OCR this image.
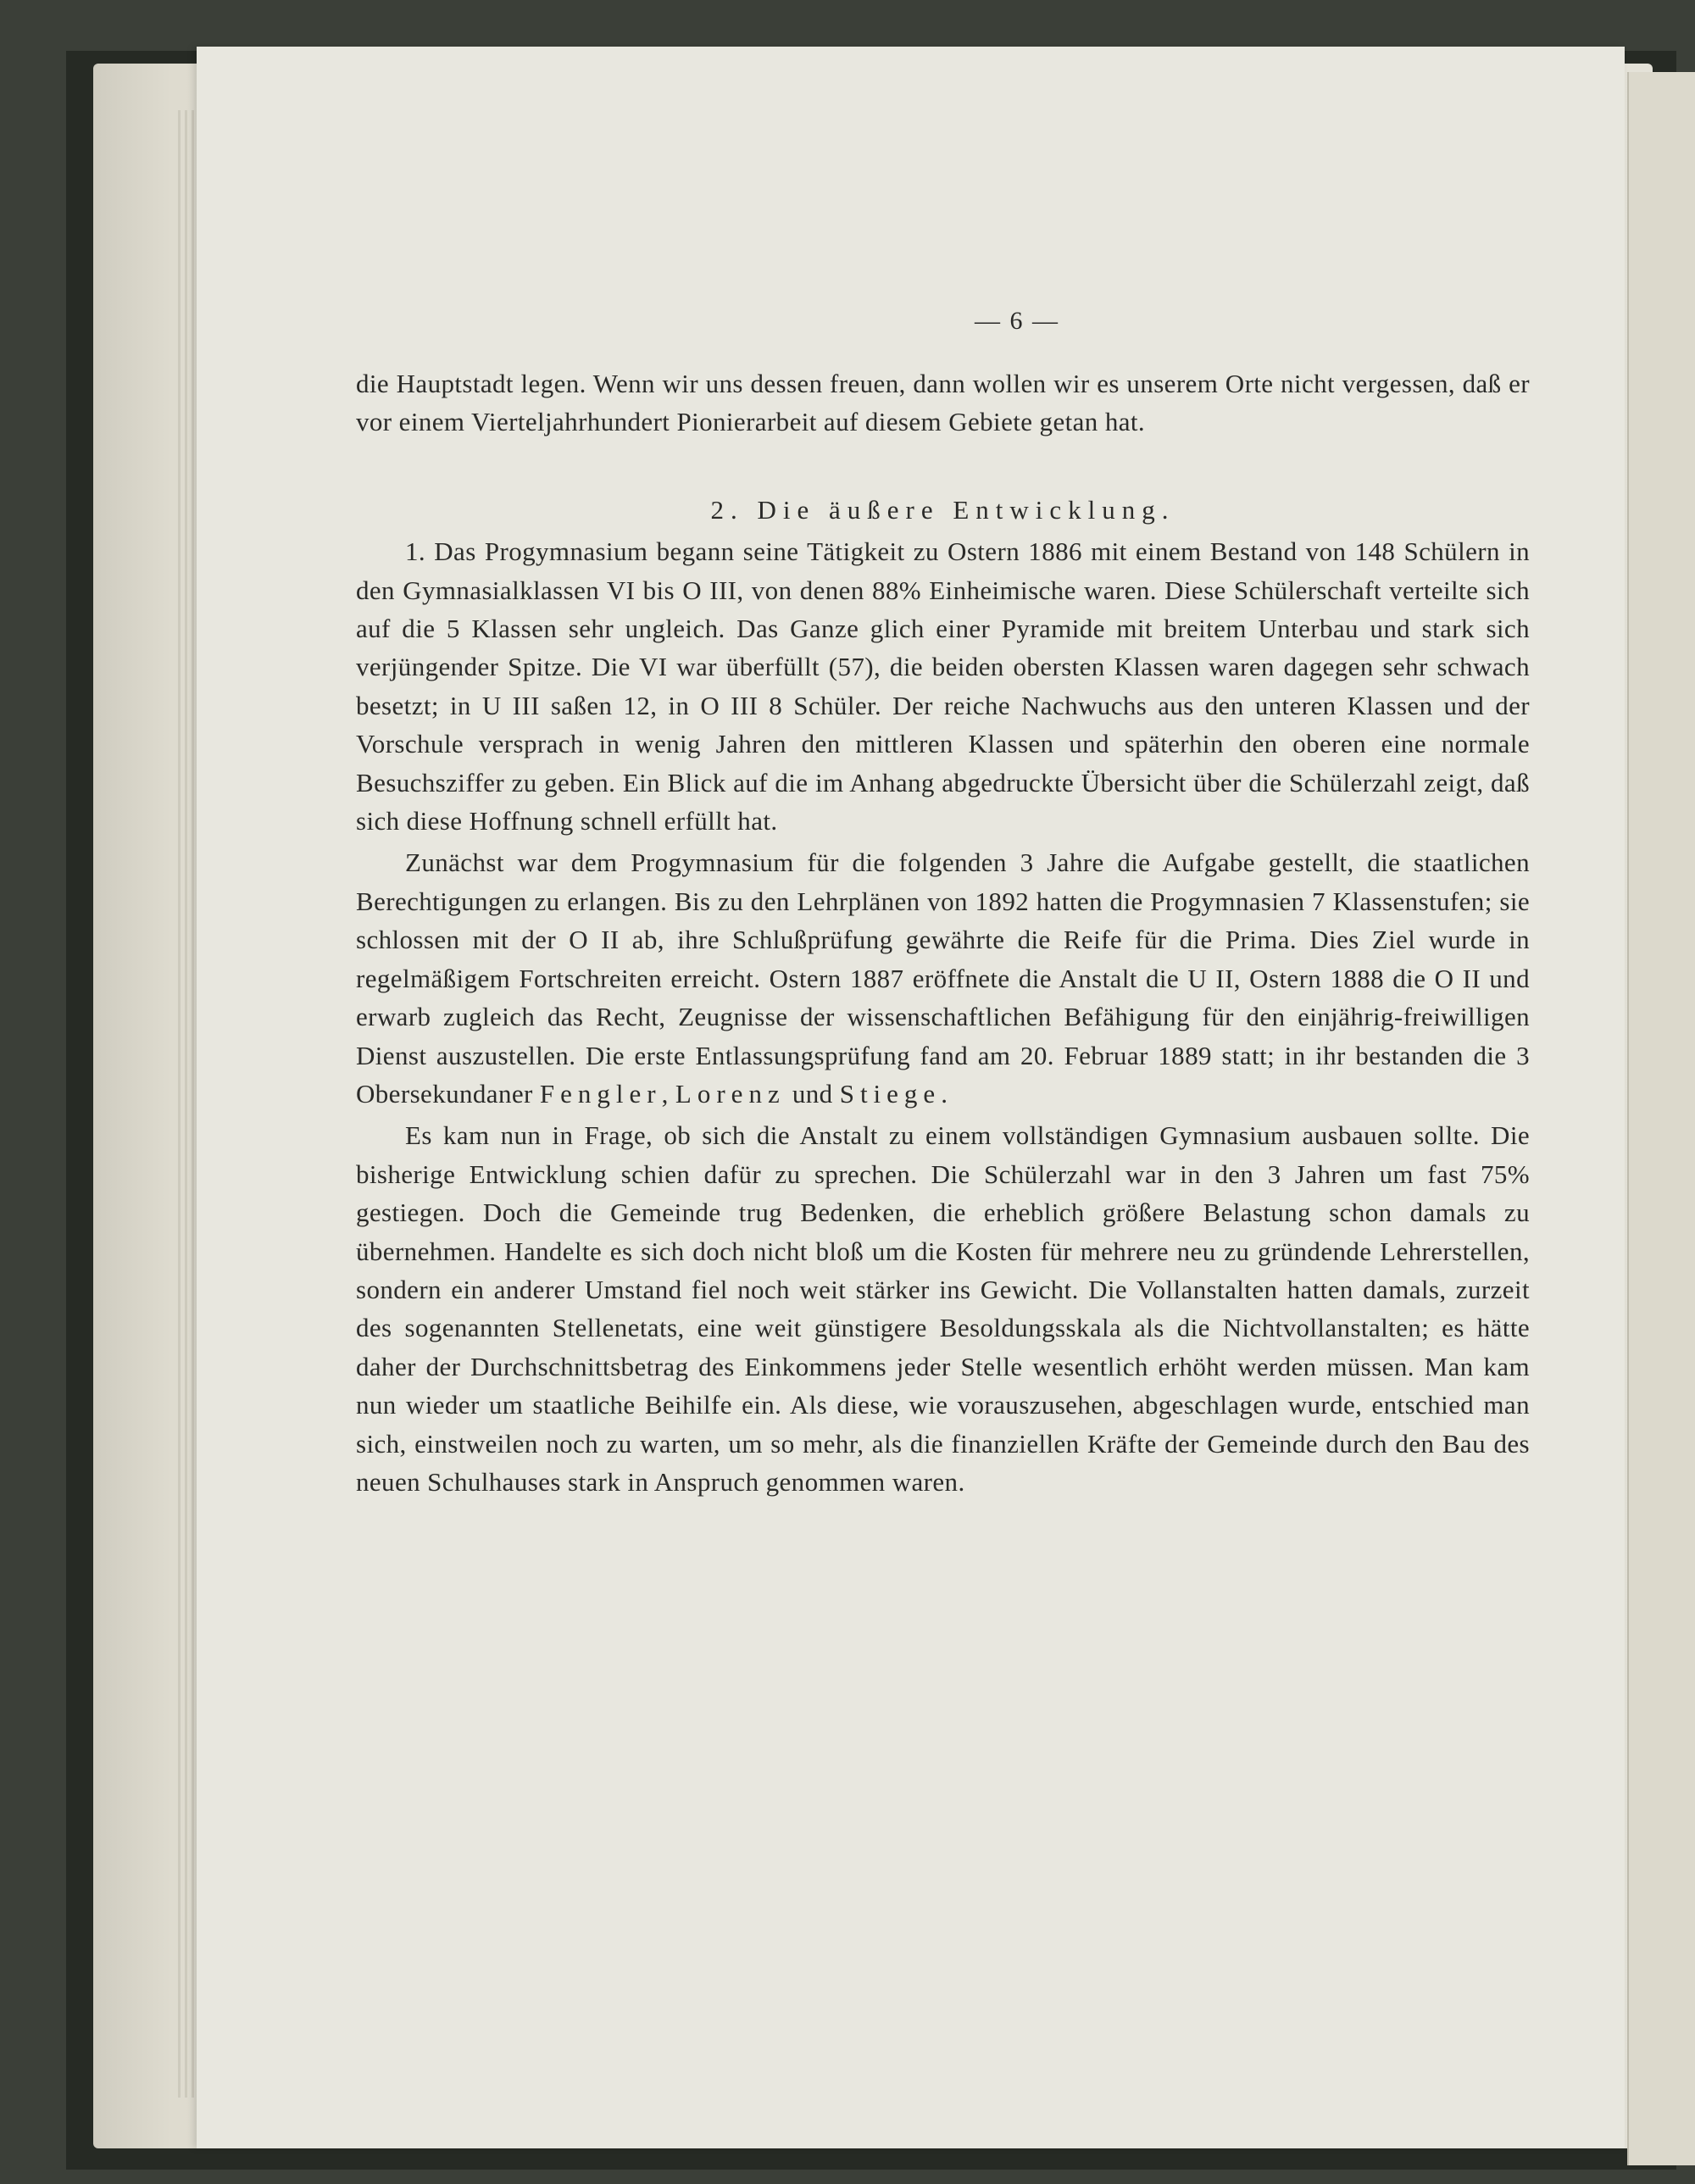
— 6 —

die Hauptstadt legen. Wenn wir uns dessen freuen, dann wollen wir es unserem Orte nicht vergessen, daß er vor einem Vierteljahrhundert Pionierarbeit auf diesem Gebiete getan hat.

2. Die äußere Entwicklung.

1. Das Progymnasium begann seine Tätigkeit zu Ostern 1886 mit einem Bestand von 148 Schülern in den Gymnasialklassen VI bis O III, von denen 88% Einheimische waren. Diese Schülerschaft verteilte sich auf die 5 Klassen sehr ungleich. Das Ganze glich einer Pyramide mit breitem Unterbau und stark sich verjüngender Spitze. Die VI war überfüllt (57), die beiden obersten Klassen waren dagegen sehr schwach besetzt; in U III saßen 12, in O III 8 Schüler. Der reiche Nachwuchs aus den unteren Klassen und der Vorschule versprach in wenig Jahren den mittleren Klassen und späterhin den oberen eine normale Besuchsziffer zu geben. Ein Blick auf die im Anhang abgedruckte Übersicht über die Schülerzahl zeigt, daß sich diese Hoffnung schnell erfüllt hat.

Zunächst war dem Progymnasium für die folgenden 3 Jahre die Aufgabe gestellt, die staatlichen Berechtigungen zu erlangen. Bis zu den Lehrplänen von 1892 hatten die Progymnasien 7 Klassenstufen; sie schlossen mit der O II ab, ihre Schlußprüfung gewährte die Reife für die Prima. Dies Ziel wurde in regelmäßigem Fortschreiten erreicht. Ostern 1887 eröffnete die Anstalt die U II, Ostern 1888 die O II und erwarb zugleich das Recht, Zeugnisse der wissenschaftlichen Befähigung für den einjährig-freiwilligen Dienst auszustellen. Die erste Entlassungsprüfung fand am 20. Februar 1889 statt; in ihr bestanden die 3 Obersekundaner Fengler, Lorenz und Stiege.

Es kam nun in Frage, ob sich die Anstalt zu einem vollständigen Gymnasium ausbauen sollte. Die bisherige Entwicklung schien dafür zu sprechen. Die Schülerzahl war in den 3 Jahren um fast 75% gestiegen. Doch die Gemeinde trug Bedenken, die erheblich größere Belastung schon damals zu übernehmen. Handelte es sich doch nicht bloß um die Kosten für mehrere neu zu gründende Lehrerstellen, sondern ein anderer Umstand fiel noch weit stärker ins Gewicht. Die Vollanstalten hatten damals, zurzeit des sogenannten Stellenetats, eine weit günstigere Besoldungsskala als die Nichtvollanstalten; es hätte daher der Durchschnittsbetrag des Einkommens jeder Stelle wesentlich erhöht werden müssen. Man kam nun wieder um staatliche Beihilfe ein. Als diese, wie vorauszusehen, abgeschlagen wurde, entschied man sich, einstweilen noch zu warten, um so mehr, als die finanziellen Kräfte der Gemeinde durch den Bau des neuen Schulhauses stark in Anspruch genommen waren.
